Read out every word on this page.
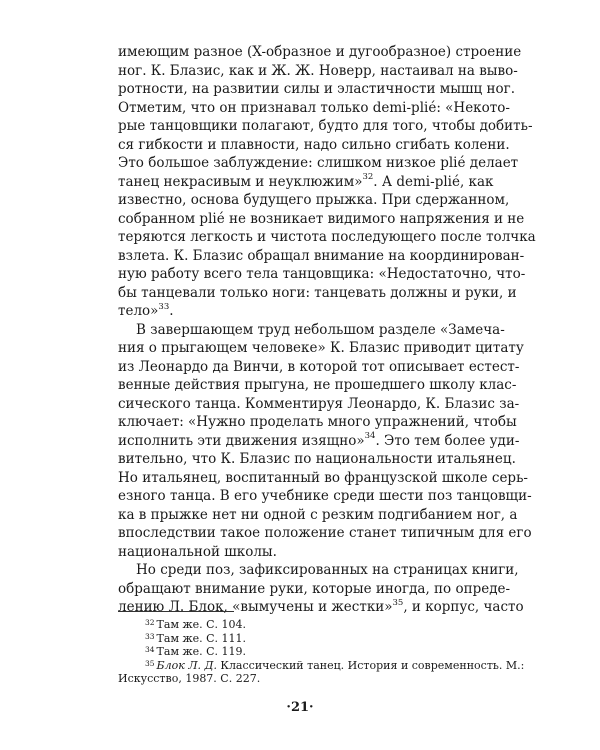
имеющим разное (X-образное и дугообразное) строение
ног. К. Блазис, как и Ж. Ж. Новерр, настаивал на выво-
ротности, на развитии силы и эластичности мышц ног.
Отметим, что он признавал только demi-plié: «Некото-
рые танцовщики полагают, будто для того, чтобы добить-
ся гибкости и плавности, надо сильно сгибать колени.
Это большое заблуждение: слишком низкое plié делает
танец некрасивым и неуклюжим»$^{32}$. А demi-plié, как
известно, основа будущего прыжка. При сдержанном,
собранном plié не возникает видимого напряжения и не
теряются легкость и чистота последующего после толчка
взлета. К. Блазис обращал внимание на координирован-
ную работу всего тела танцовщика: «Недостаточно, что-
бы танцевали только ноги: танцевать должны и руки, и
тело»$^{33}$.
В завершающем труд небольшом разделе «Замеча-
ния о прыгающем человеке» К. Блазис приводит цитату
из Леонардо да Винчи, в которой тот описывает естест-
венные действия прыгуна, не прошедшего школу клас-
сического танца. Комментируя Леонардо, К. Блазис за-
ключает: «Нужно проделать много упражнений, чтобы
исполнить эти движения изящно»$^{34}$. Это тем более уди-
вительно, что К. Блазис по национальности итальянец.
Но итальянец, воспитанный во французской школе серь-
езного танца. В его учебнике среди шести поз танцовщи-
ка в прыжке нет ни одной с резким подгибанием ног, а
впоследствии такое положение станет типичным для его
национальной школы.
Но среди поз, зафиксированных на страницах книги,
обращают внимание руки, которые иногда, по опреде-
лению Л. Блок, «вымучены и жестки»$^{35}$, и корпус, часто
$^{32}$ Там же. С. 104.
$^{33}$ Там же. С. 111.
$^{34}$ Там же. С. 119.
$^{35}$ Блок Л. Д. Классический танец. История и современность. М.:
Искусство, 1987. С. 227.
·21·
